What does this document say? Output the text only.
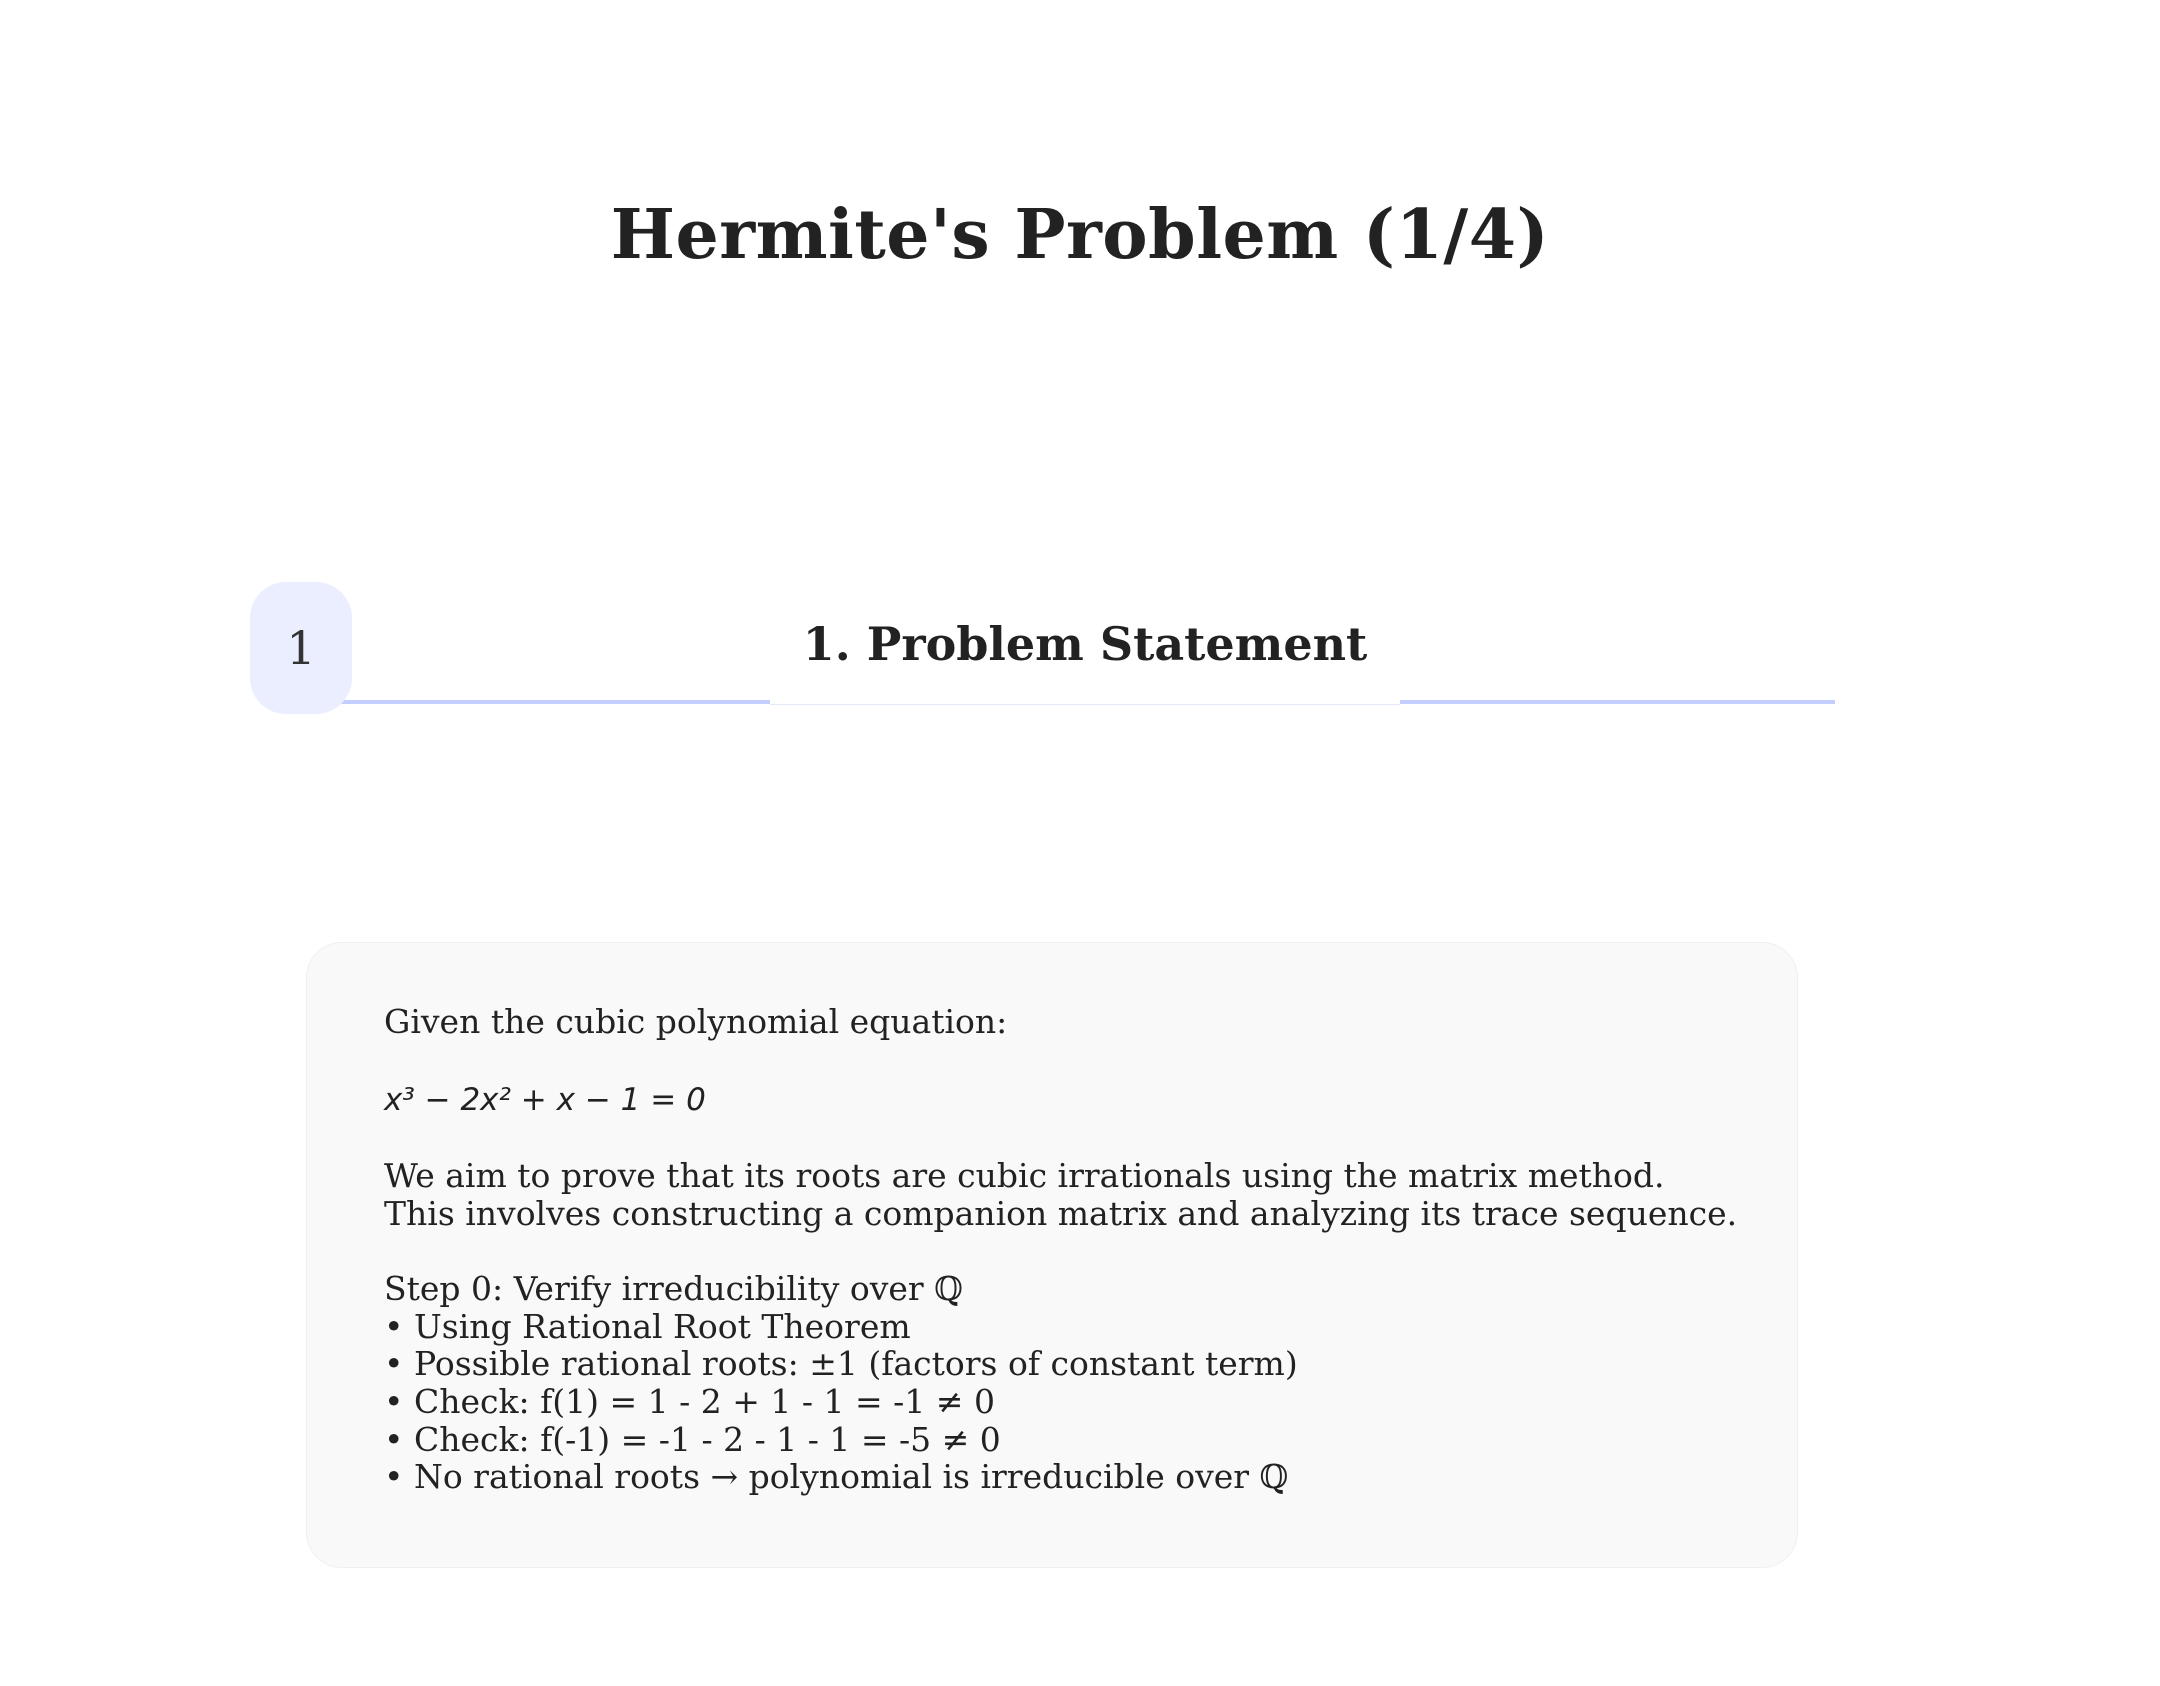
Hermite's Problem (1/4)
1	1. Problem Statement
Given the cubic polynomial equation:
x³ − 2x² + x − 1 = 0
We aim to prove that its roots are cubic irrationals using the matrix method.
This involves constructing a companion matrix and analyzing its trace sequence.
Step 0: Verify irreducibility over ℚ
• Using Rational Root Theorem
• Possible rational roots: ±1 (factors of constant term)
• Check: f(1) = 1 - 2 + 1 - 1 = -1 ≠ 0
• Check: f(-1) = -1 - 2 - 1 - 1 = -5 ≠ 0
• No rational roots → polynomial is irreducible over ℚ
